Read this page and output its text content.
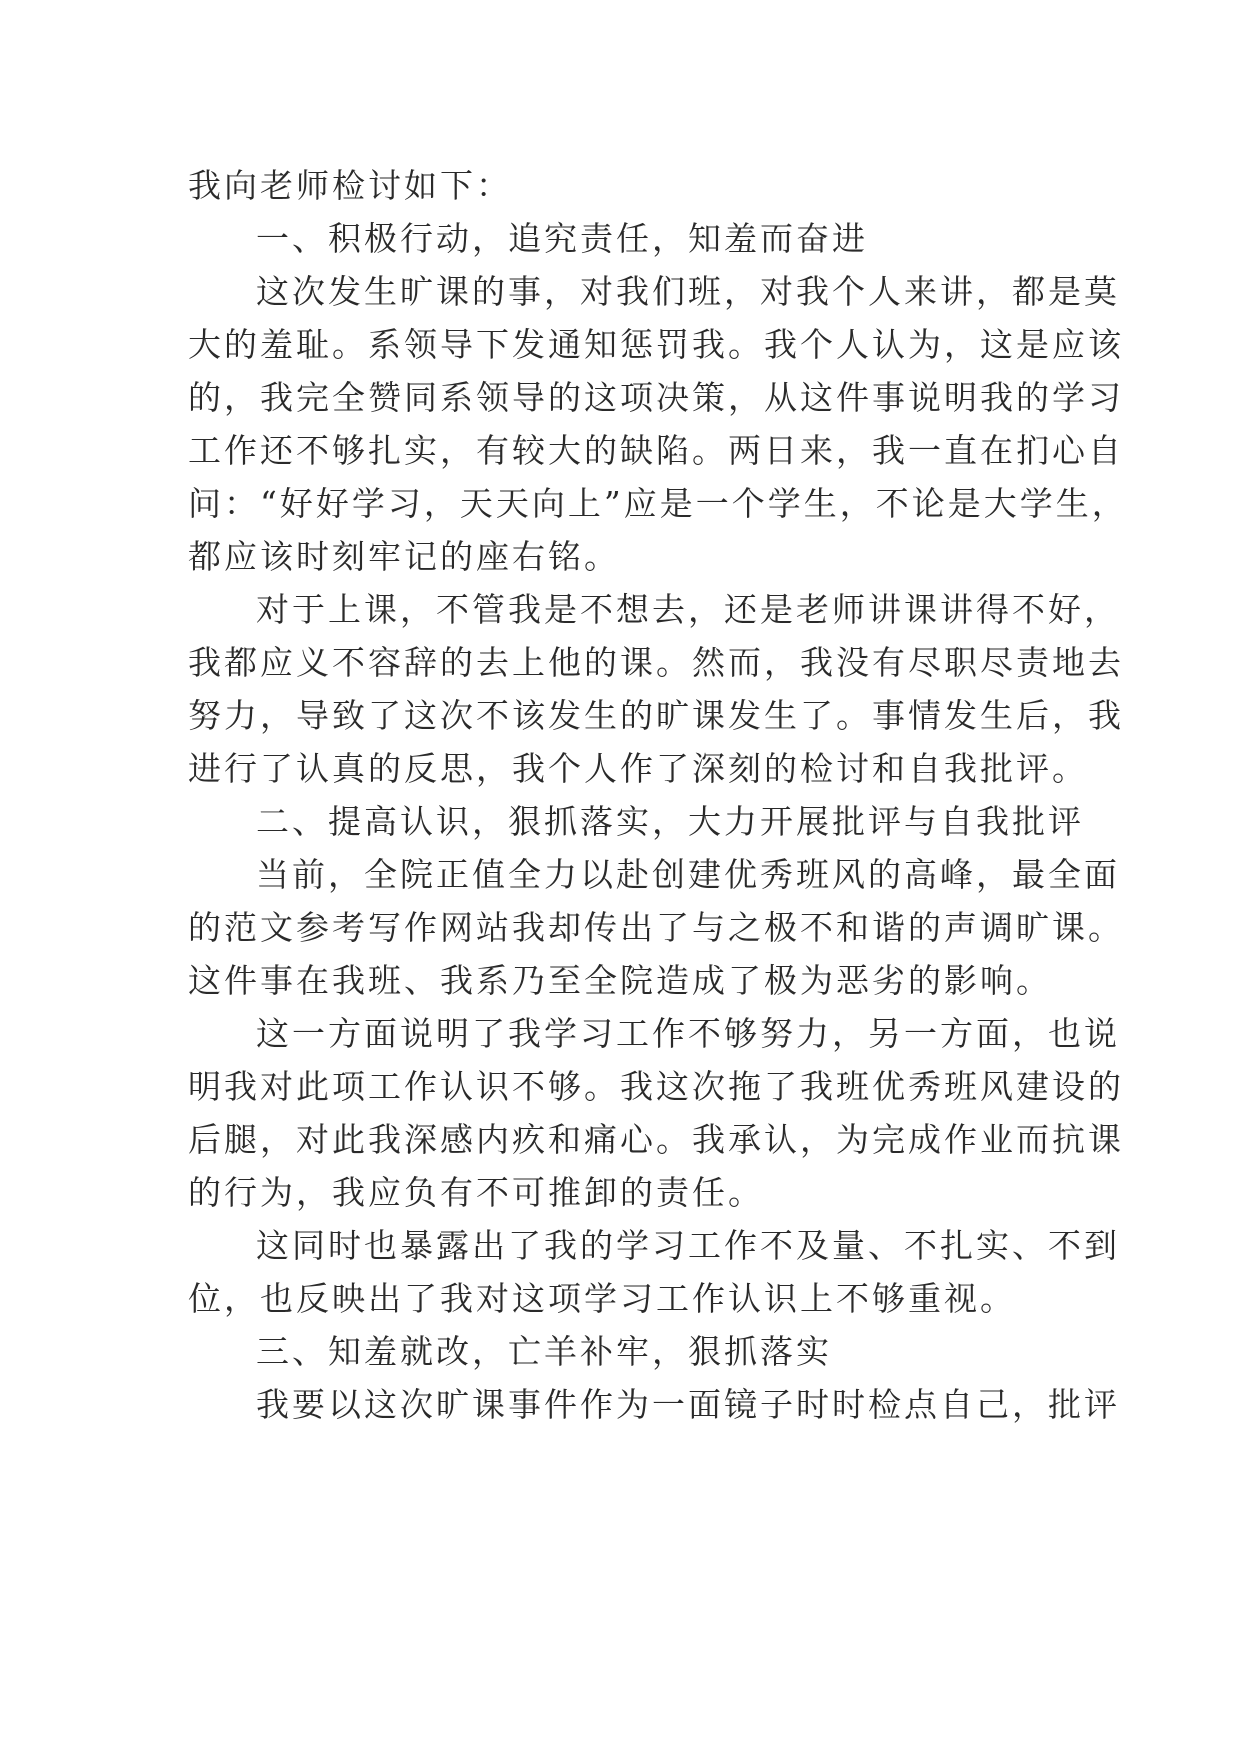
我向老师检讨如下：
一、积极行动，追究责任，知羞而奋进
这次发生旷课的事，对我们班，对我个人来讲，都是莫
大的羞耻。系领导下发通知惩罚我。我个人认为，这是应该
的，我完全赞同系领导的这项决策，从这件事说明我的学习
工作还不够扎实，有较大的缺陷。两日来，我一直在扪心自
问：“好好学习，天天向上”应是一个学生，不论是大学生，
都应该时刻牢记的座右铭。
对于上课，不管我是不想去，还是老师讲课讲得不好，
我都应义不容辞的去上他的课。然而，我没有尽职尽责地去
努力，导致了这次不该发生的旷课发生了。事情发生后，我
进行了认真的反思，我个人作了深刻的检讨和自我批评。
二、提高认识，狠抓落实，大力开展批评与自我批评
当前，全院正值全力以赴创建优秀班风的高峰，最全面
的范文参考写作网站我却传出了与之极不和谐的声调旷课。
这件事在我班、我系乃至全院造成了极为恶劣的影响。
这一方面说明了我学习工作不够努力，另一方面，也说
明我对此项工作认识不够。我这次拖了我班优秀班风建设的
后腿，对此我深感内疚和痛心。我承认，为完成作业而抗课
的行为，我应负有不可推卸的责任。
这同时也暴露出了我的学习工作不及量、不扎实、不到
位，也反映出了我对这项学习工作认识上不够重视。
三、知羞就改，亡羊补牢，狠抓落实
我要以这次旷课事件作为一面镜子时时检点自己，批评
